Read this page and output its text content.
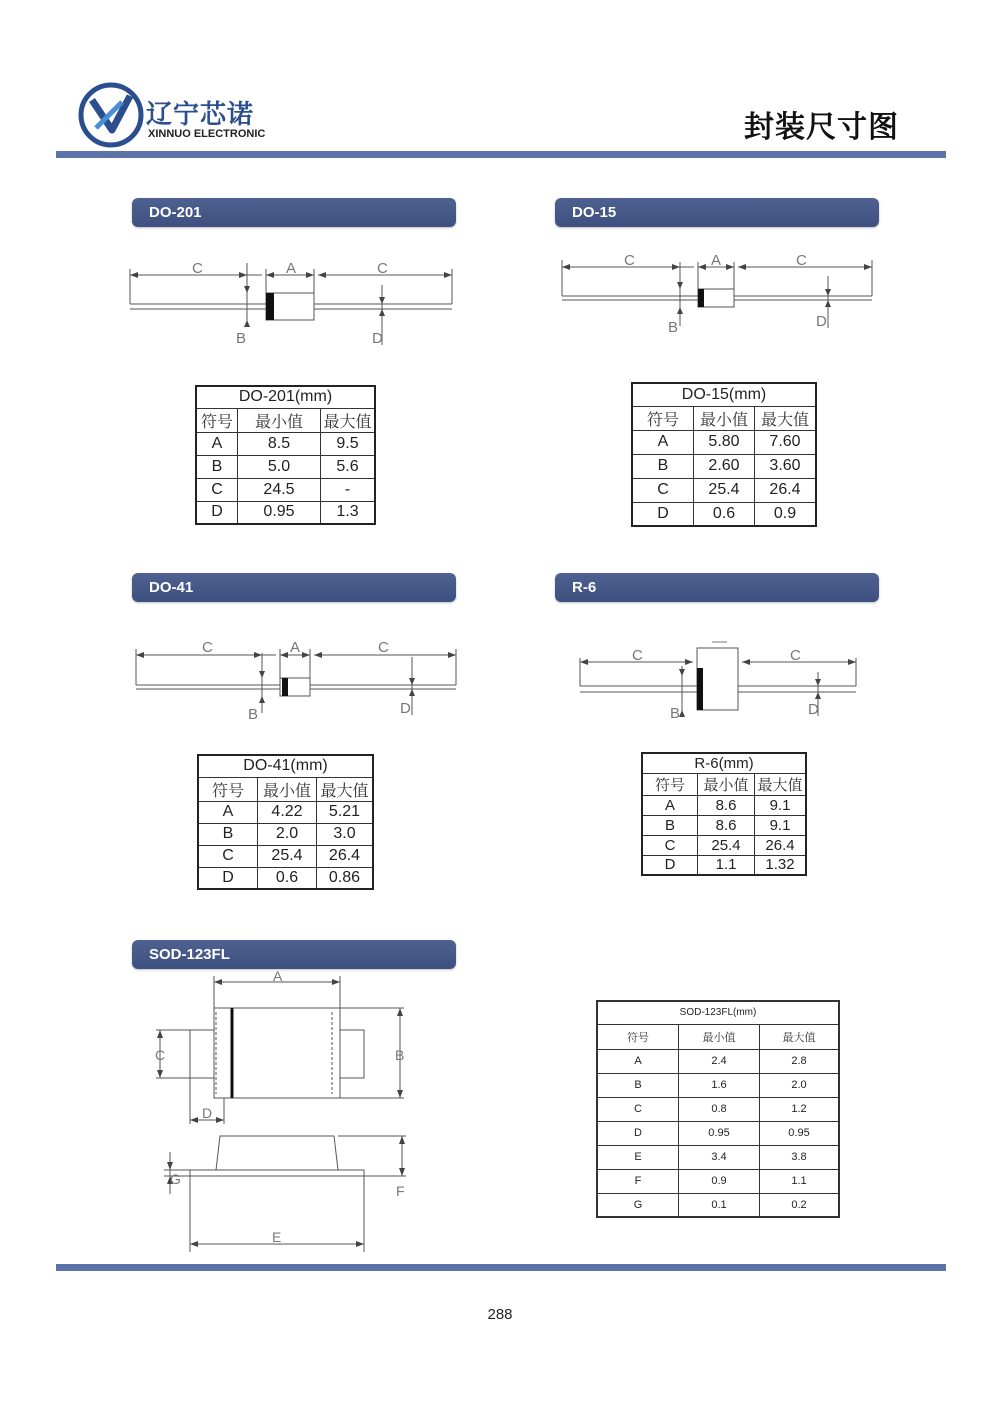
辽宁芯诺
XINNUO ELECTRONIC	封装尺寸图
DO-201
C	A	C
B	D
DO-201(mm)		
符号	最小值	最大值
A	8.5	9.5
B	5.0	5.6
C	24.5	-
D	0.95	1.3
DO-15
C	A	C
B	D
DO-15(mm)		
符号	最小值	最大值
A	5.80	7.60
B	2.60	3.60
C	25.4	26.4
D	0.6	0.9
DO-41
C	A	C
B	D
DO-41(mm)		
符号	最小值	最大值
A	4.22	5.21
B	2.0	3.0
C	25.4	26.4
D	0.6	0.86
R-6
C
—
C
B	D
R-6(mm)		
符号	最小值	最大值
A	8.6	9.1
B	8.6	9.1
C	25.4	26.4
D	1.1	1.32
SOD-123FL
A
B
C
D
E
F
G
SOD-123FL(mm)		
符号	最小值	最大值
A	2.4	2.8
B	1.6	2.0
C	0.8	1.2
D	0.95	0.95
E	3.4	3.8
F	0.9	1.1
G	0.1	0.2
288
